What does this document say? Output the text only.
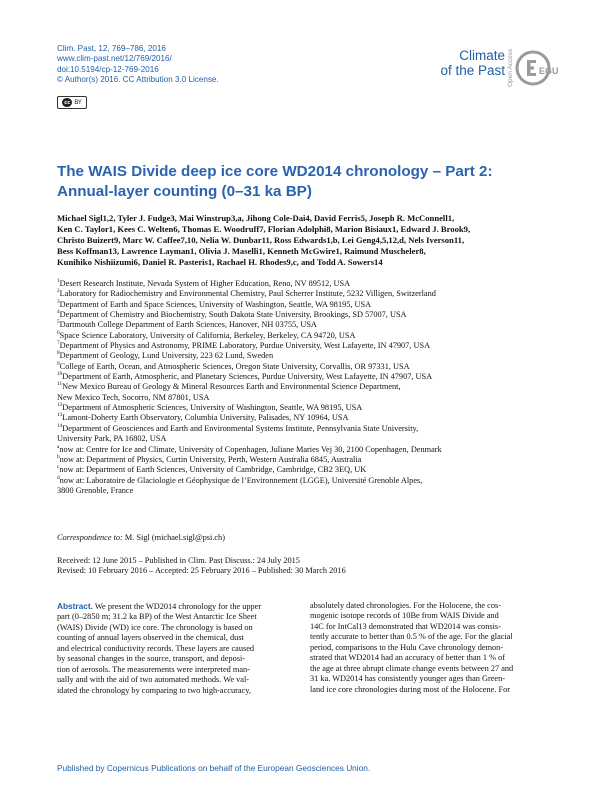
Clim. Past, 12, 769–786, 2016
www.clim-past.net/12/769/2016/
doi:10.5194/cp-12-769-2016
© Author(s) 2016. CC Attribution 3.0 License.
cc BY
Climate
of the Past Open Access	EGU
The WAIS Divide deep ice core WD2014 chronology – Part 2:
Annual-layer counting (0–31 ka BP)
Michael Sigl1,2, Tyler J. Fudge3, Mai Winstrup3,a, Jihong Cole-Dai4, David Ferris5, Joseph R. McConnell1,
Ken C. Taylor1, Kees C. Welten6, Thomas E. Woodruff7, Florian Adolphi8, Marion Bisiaux1, Edward J. Brook9,
Christo Buizert9, Marc W. Caffee7,10, Nelia W. Dunbar11, Ross Edwards1,b, Lei Geng4,5,12,d, Nels Iverson11,
Bess Koffman13, Lawrence Layman1, Olivia J. Maselli1, Kenneth McGwire1, Raimund Muscheler8,
Kunihiko Nishiizumi6, Daniel R. Pasteris1, Rachael H. Rhodes9,c, and Todd A. Sowers14
$^1$Desert Research Institute, Nevada System of Higher Education, Reno, NV 89512, USA
$^2$Laboratory for Radiochemistry and Environmental Chemistry, Paul Scherrer Institute, 5232 Villigen, Switzerland
$^3$Department of Earth and Space Sciences, University of Washington, Seattle, WA 98195, USA
$^4$Department of Chemistry and Biochemistry, South Dakota State University, Brookings, SD 57007, USA
$^5$Dartmouth College Department of Earth Sciences, Hanover, NH 03755, USA
$^6$Space Science Laboratory, University of California, Berkeley, Berkeley, CA 94720, USA
$^7$Department of Physics and Astronomy, PRIME Laboratory, Purdue University, West Lafayette, IN 47907, USA
$^8$Department of Geology, Lund University, 223 62 Lund, Sweden
$^9$College of Earth, Ocean, and Atmospheric Sciences, Oregon State University, Corvallis, OR 97331, USA
$^{10}$Department of Earth, Atmospheric, and Planetary Sciences, Purdue University, West Lafayette, IN 47907, USA
$^{11}$New Mexico Bureau of Geology & Mineral Resources Earth and Environmental Science Department,
New Mexico Tech, Socorro, NM 87801, USA
$^{12}$Department of Atmospheric Sciences, University of Washington, Seattle, WA 98195, USA
$^{13}$Lamont-Doherty Earth Observatory, Columbia University, Palisades, NY 10964, USA
$^{14}$Department of Geosciences and Earth and Environmental Systems Institute, Pennsylvania State University,
University Park, PA 16802, USA
$^a$now at: Centre for Ice and Climate, University of Copenhagen, Juliane Maries Vej 30, 2100 Copenhagen, Denmark
$^b$now at: Department of Physics, Curtin University, Perth, Western Australia 6845, Australia
$^c$now at: Department of Earth Sciences, University of Cambridge, Cambridge, CB2 3EQ, UK
$^d$now at: Laboratoire de Glaciologie et Géophysique de l’Environnement (LGGE), Université Grenoble Alpes,
3800 Grenoble, France
Correspondence to: M. Sigl (michael.sigl@psi.ch)
Received: 12 June 2015 – Published in Clim. Past Discuss.: 24 July 2015
Revised: 10 February 2016 – Accepted: 25 February 2016 – Published: 30 March 2016
Abstract. We present the WD2014 chronology for the upper
part (0–2850 m; 31.2 ka BP) of the West Antarctic Ice Sheet
(WAIS) Divide (WD) ice core. The chronology is based on
counting of annual layers observed in the chemical, dust
and electrical conductivity records. These layers are caused
by seasonal changes in the source, transport, and deposi-
tion of aerosols. The measurements were interpreted man-
ually and with the aid of two automated methods. We val-
idated the chronology by comparing to two high-accuracy,
absolutely dated chronologies. For the Holocene, the cos-
mogenic isotope records of 10Be from WAIS Divide and
14C for IntCal13 demonstrated that WD2014 was consis-
tently accurate to better than 0.5 % of the age. For the glacial
period, comparisons to the Hulu Cave chronology demon-
strated that WD2014 had an accuracy of better than 1 % of
the age at three abrupt climate change events between 27 and
31 ka. WD2014 has consistently younger ages than Green-
land ice core chronologies during most of the Holocene. For
Published by Copernicus Publications on behalf of the European Geosciences Union.
